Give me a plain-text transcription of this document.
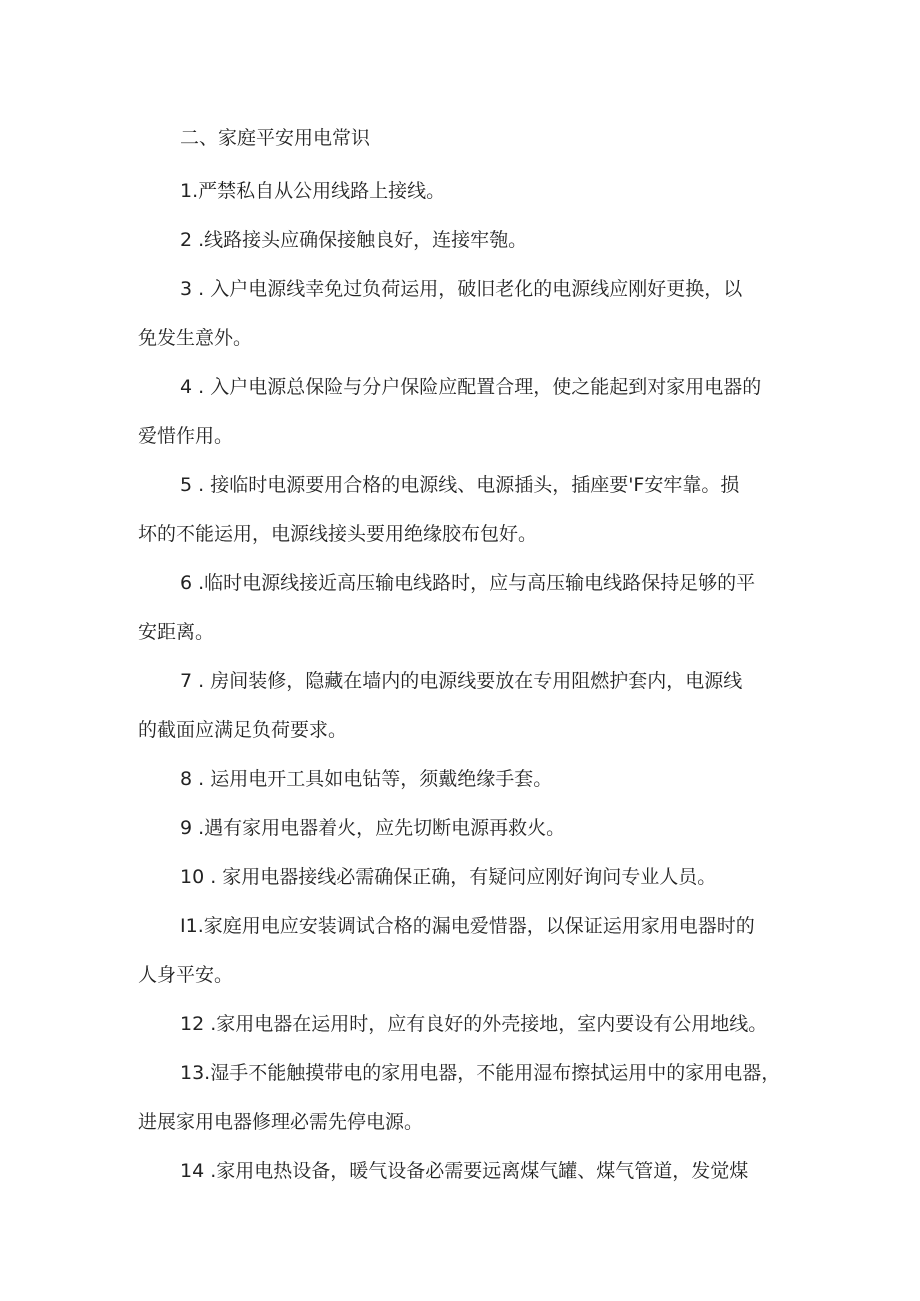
二、家庭平安用电常识
1.严禁私自从公用线路上接线。
2 .线路接头应确保接触良好，连接牢匏。
3 . 入户电源线幸免过负荷运用，破旧老化的电源线应刚好更换，以
免发生意外。
4 . 入户电源总保险与分户保险应配置合理，使之能起到对家用电器的
爱惜作用。
5 . 接临时电源要用合格的电源线、电源插头，插座要'F安牢靠。损
坏的不能运用，电源线接头要用绝缘胶布包好。
6 .临时电源线接近高压输电线路时，应与高压输电线路保持足够的平
安距离。
7 . 房间装修，隐藏在墙内的电源线要放在专用阻燃护套内，电源线
的截面应满足负荷要求。
8 . 运用电开工具如电钻等，须戴绝缘手套。
9 .遇有家用电器着火，应先切断电源再救火。
10 . 家用电器接线必需确保正确，有疑问应刚好询问专业人员。
I1.家庭用电应安装调试合格的漏电爱惜器，以保证运用家用电器时的
人身平安。
12 .家用电器在运用时，应有良好的外壳接地，室内要设有公用地线。
13.湿手不能触摸带电的家用电器，不能用湿布擦拭运用中的家用电器，
进展家用电器修理必需先停电源。
14 .家用电热设备，暖气设备必需要远离煤气罐、煤气管道，发觉煤
